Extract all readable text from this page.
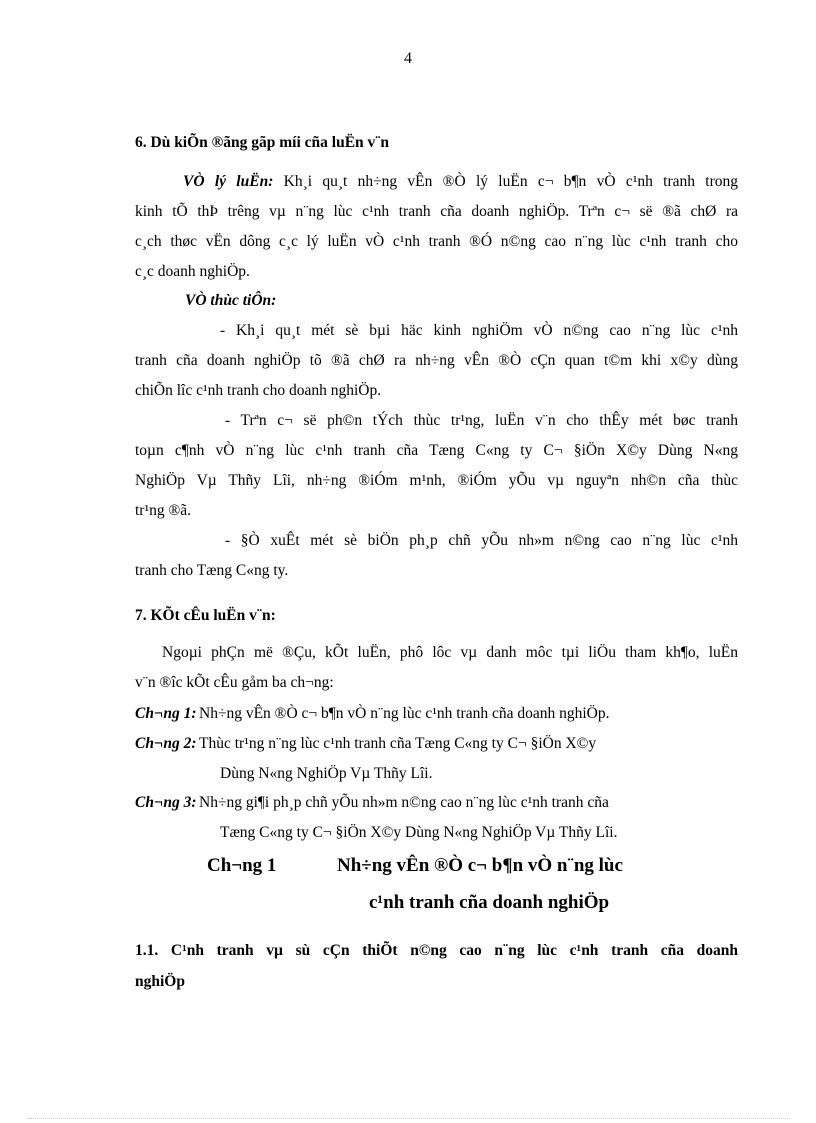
4
6. Dù kiÕn ®ãng gãp míi cña luËn v¨n
VÒ lý luËn: Kh¸i qu¸t nh÷ng vÊn ®Ò lý luËn c¬ b¶n vÒ c¹nh tranh trong
kinh tÕ thÞ trêng vµ n¨ng lùc c¹nh tranh cña doanh nghiÖp. Trªn c¬ së ®ã chØ ra
c¸ch thøc vËn dông c¸c lý luËn vÒ c¹nh tranh ®Ó n©ng cao n¨ng lùc c¹nh tranh cho
c¸c doanh nghiÖp.
VÒ thùc tiÔn:
- Kh¸i qu¸t mét sè bµi häc kinh nghiÖm vÒ n©ng cao n¨ng lùc c¹nh
tranh cña doanh nghiÖp tõ ®ã chØ ra nh÷ng vÊn ®Ò cÇn quan t©m khi x©y dùng
chiÕn lîc c¹nh tranh cho doanh nghiÖp.
- Trªn c¬ së ph©n tÝch thùc tr¹ng, luËn v¨n cho thÊy mét bøc tranh
toµn c¶nh vÒ n¨ng lùc c¹nh tranh cña Tæng C«ng ty C¬ §iÖn X©y Dùng N«ng
NghiÖp Vµ Thñy Lîi, nh÷ng ®iÓm m¹nh, ®iÓm yÕu vµ nguyªn nh©n cña thùc
tr¹ng ®ã.
- §Ò xuÊt mét sè biÖn ph¸p chñ yÕu nh»m n©ng cao n¨ng lùc c¹nh
tranh cho Tæng C«ng ty.
7. KÕt cÊu luËn v¨n:
Ngoµi phÇn më ®Çu, kÕt luËn, phô lôc vµ danh môc tµi liÖu tham kh¶o, luËn
v¨n ®îc kÕt cÊu gåm ba ch¬ng:
Ch¬ng 1: Nh÷ng vÊn ®Ò c¬ b¶n vÒ n¨ng lùc c¹nh tranh cña doanh nghiÖp.
Ch¬ng 2: Thùc tr¹ng n¨ng lùc c¹nh tranh cña Tæng C«ng ty C¬ §iÖn X©y
Dùng N«ng NghiÖp Vµ Thñy Lîi.
Ch¬ng 3: Nh÷ng gi¶i ph¸p chñ yÕu nh»m n©ng cao n¨ng lùc c¹nh tranh cña
Tæng C«ng ty C¬ §iÖn X©y Dùng N«ng NghiÖp Vµ Thñy Lîi.
Ch¬ng 1	Nh÷ng vÊn ®Ò c¬ b¶n vÒ n¨ng lùc
c¹nh tranh cña doanh nghiÖp
1.1. C¹nh tranh vµ sù cÇn thiÕt n©ng cao n¨ng lùc c¹nh tranh cña doanh
nghiÖp
